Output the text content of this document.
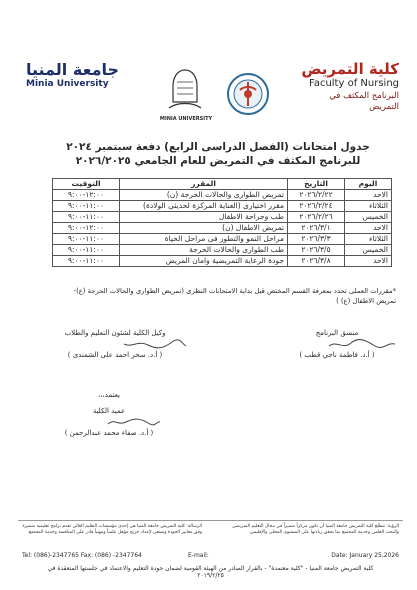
كلية التمريض
Faculty of Nursing
البرنامج المكثف في
التمريض
MINIA UNIVERSITY
جامعة المنيا
Minia University
جدول امتحانات (الفصل الدراسى الرابع) دفعة سبتمبر ٢٠٢٤
للبرنامج المكثف في التمريض للعام الجامعي ٢٠٢٦/٢٠٢٥
اليوم	التاريخ	المقرر	التوقيت
الاحد	٢٠٢٦/٢/٢٢	تمريض الطوارى والحالات الحرجة (ن)	١٢:٠٠-٩:٠٠
الثلاثاء	٢٠٢٦/٢/٢٤	مقرر اختيارى (العناية المركزة لحديثى الولادة)	١١:٠٠-٩:٠٠
الخميس	٢٠٢٦/٢/٢٦	طب وجراحة الاطفال	١١:٠٠-٩:٠٠
الاحد	٢٠٢٦/٣/١	تمريض الاطفال (ن)	١٢:٠٠-٩:٠٠
الثلاثاء	٢٠٢٦/٣/٣	مراحل النمو والتطور فى مراحل الحياة	١١:٠٠-٩:٠٠
الخميس	٢٠٢٦/٣/٥	طب الطوارى والحالات الحرجة	١١:٠٠-٩:٠٠
الاحد	٢٠٢٦/٣/٨	جودة الرعاية التمريضية وامان المريض	١١:٠٠-٩:٠٠
*مقررات العملى تحدد بمعرفة القسم المختص قبل بداية الامتحانات النظرى (تمريض الطوارى والحالات الحرجة (ع)-
تمريض الاطفال (ع) )
منسق البرنامج
( أ.د. فاطمة ناجي قطب )
وكيل الكلية لشئون التعليم والطلاب
( أ.د. سحر احمد على الشمندى )
يعتمد،،،
عميد الكلية
( أ.د. صفاء محمد عبدالرحمن )
الرؤية: تتطلع كلية التمريض جامعة المنيا أن تكون مركزاً متميزاً في مجال التعليم التمريضي والبحث العلمي وخدمة المجتمع بما يحقق ريادتها على المستوى المحلى والإقليمي.
الرسالة: كلية التمريض جامعة المنيا هي إحدى مؤسسات التعليم العالي تقدم برامج تعليمية متميزة وفق معايير الجودة وتسعى لإعداد خريج مؤهل علمياً ومهنياً قادر على المنافسة وخدمة المجتمع.
Tel: (086)-2347765 Fax: (086) -2347764	E-mail:	Date: January 25,2026
كلية التمريض جامعة المنيا - "كلية معتمدة" - بالقرار الصادر من الهيئة القومية لضمان جودة التعليم والاعتماد في جلستها المنعقدة في ٢٠١٩/٢/٢٥
